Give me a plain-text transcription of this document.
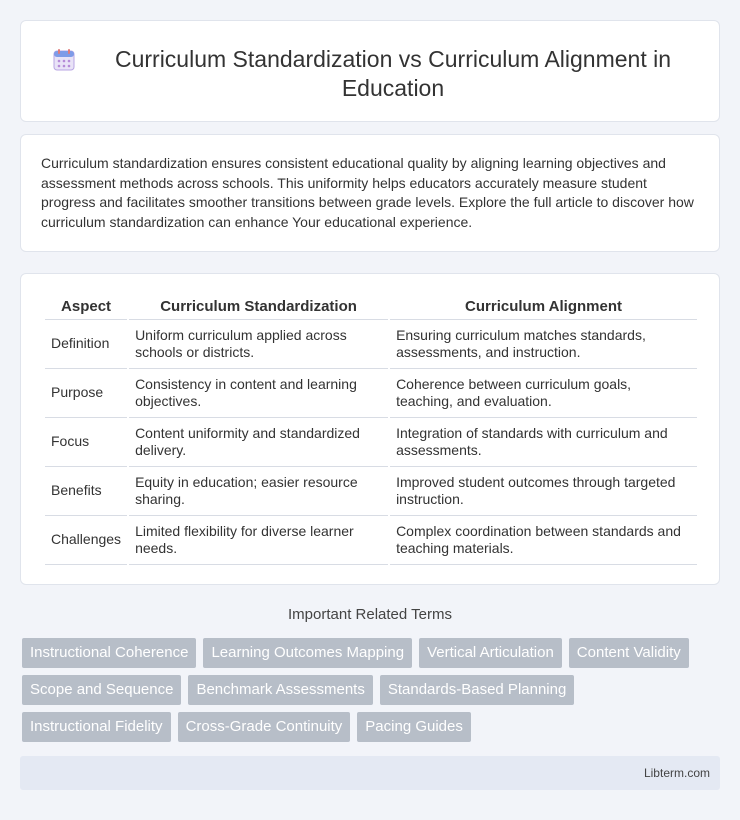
Curriculum Standardization vs Curriculum Alignment in Education

Curriculum standardization ensures consistent educational quality by aligning learning objectives and assessment methods across schools. This uniformity helps educators accurately measure student progress and facilitates smoother transitions between grade levels. Explore the full article to discover how curriculum standardization can enhance Your educational experience.

Aspect	Curriculum Standardization	Curriculum Alignment
Definition	Uniform curriculum applied across schools or districts.	Ensuring curriculum matches standards, assessments, and instruction.
Purpose	Consistency in content and learning objectives.	Coherence between curriculum goals, teaching, and evaluation.
Focus	Content uniformity and standardized delivery.	Integration of standards with curriculum and assessments.
Benefits	Equity in education; easier resource sharing.	Improved student outcomes through targeted instruction.
Challenges	Limited flexibility for diverse learner needs.	Complex coordination between standards and teaching materials.
Important Related Terms
Instructional Coherence	Learning Outcomes Mapping	Vertical Articulation	Content Validity
Scope and Sequence	Benchmark Assessments	Standards-Based Planning
Instructional Fidelity	Cross-Grade Continuity	Pacing Guides
Libterm.com
